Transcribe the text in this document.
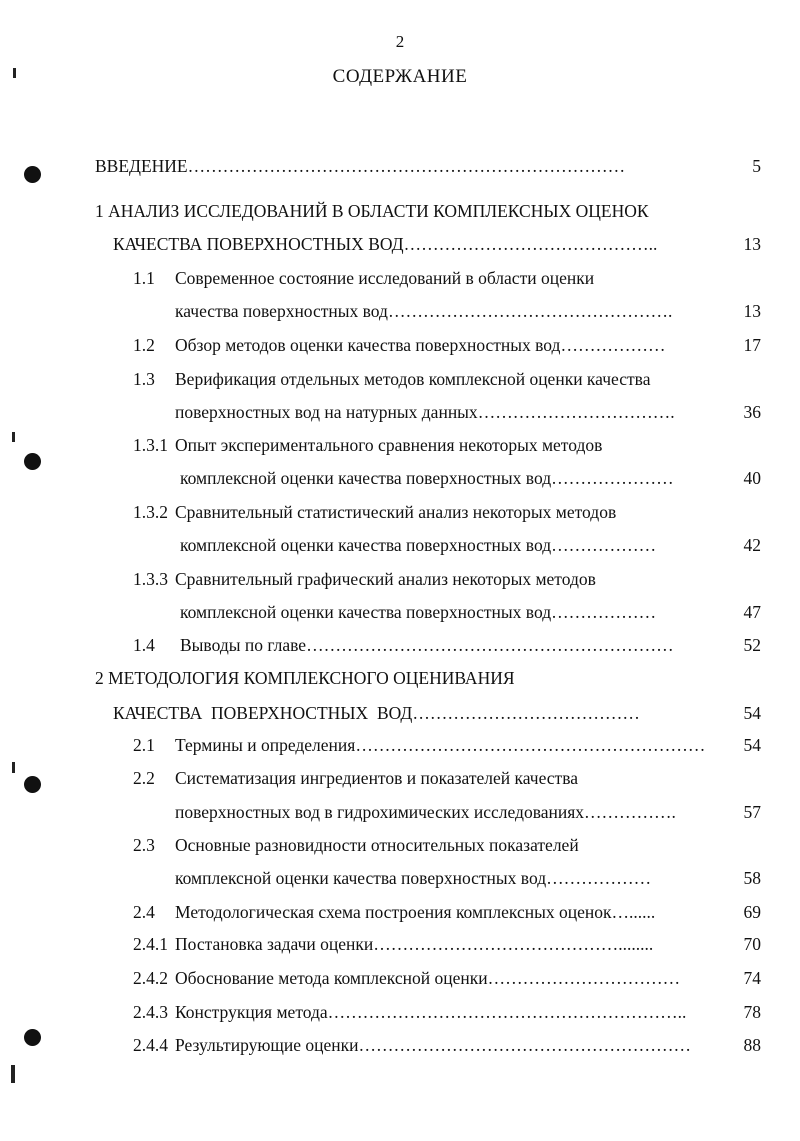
2
СОДЕРЖАНИЕ
ВВЕДЕНИЕ…………………………………………………………………	5
1 АНАЛИЗ ИССЛЕДОВАНИЙ В ОБЛАСТИ КОМПЛЕКСНЫХ ОЦЕНОК
КАЧЕСТВА ПОВЕРХНОСТНЫХ ВОД……………………………………..	13
1.1 Современное состояние исследований в области оценки
качества поверхностных вод………………………………………….	13
1.2 Обзор методов оценки качества поверхностных вод………………	17
1.3 Верификация отдельных методов комплексной оценки качества
поверхностных вод на натурных данных…………………………….	36
1.3.1 Опыт экспериментального сравнения некоторых методов
комплексной оценки качества поверхностных вод…………………	40
1.3.2 Сравнительный статистический анализ некоторых методов
комплексной оценки качества поверхностных вод………………	42
1.3.3 Сравнительный графический анализ некоторых методов
комплексной оценки качества поверхностных вод………………	47
1.4 Выводы по главе………………………………………………………	52
2 МЕТОДОЛОГИЯ КОМПЛЕКСНОГО ОЦЕНИВАНИЯ
КАЧЕСТВА  ПОВЕРХНОСТНЫХ  ВОД…………………………………	54
2.1 Термины и определения…………………………………………………… 54
2.2 Систематизация ингредиентов и показателей качества
поверхностных вод в гидрохимических исследованиях…………….	57
2.3 Основные разновидности относительных показателей
комплексной оценки качества поверхностных вод………………	58
2.4 Методологическая схема построения комплексных оценок…......	69
2.4.1 Постановка задачи оценки……………………………………........	70
2.4.2 Обоснование метода комплексной оценки……………………………	74
2.4.3 Конструкция метода……………………………………………………..	78
2.4.4 Результирующие оценки…………………………………………………	88
